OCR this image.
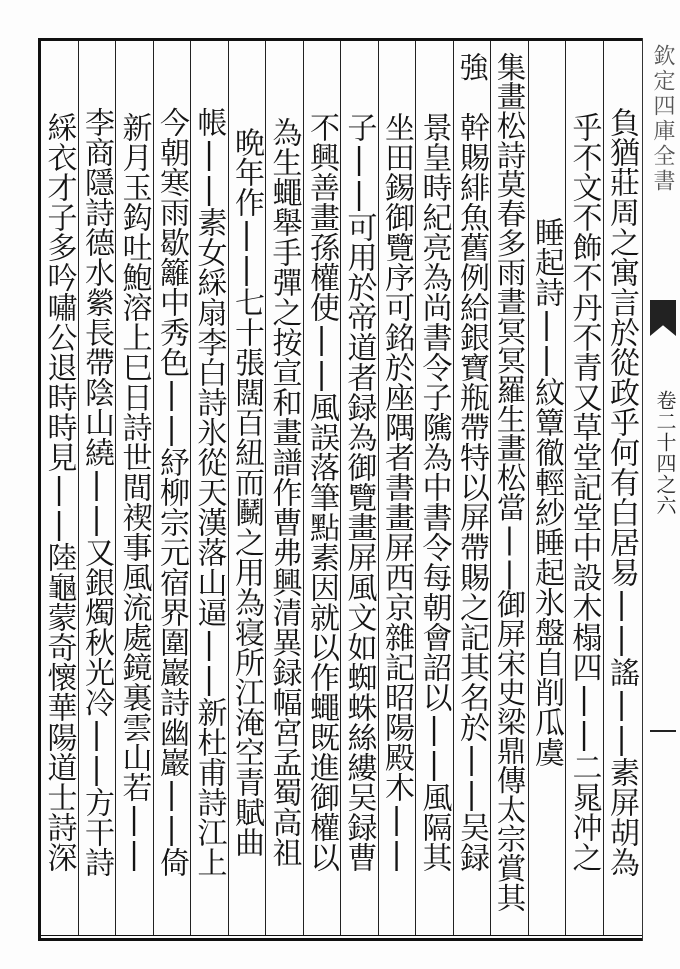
欽定四庫全書
卷二十四之六
負猶莊周之寓言於從政乎何有白居易||謠||素屏胡為
乎不文不飾不丹不青又草堂記堂中設木榻四||二晁冲之
睡起詩||紋簟徹輕紗睡起氷盤自削瓜虞
集畫松詩莫春多雨晝冥冥羅生畫松當||御屏宋史梁鼎傳太宗賞其強
幹賜緋魚舊例給銀寶瓶帶特以屏帶賜之記其名於||吴録
景皇時紀亮為尚書令子隲為中書令每朝會詔以||風隔其
坐田錫御覽序可銘於座隅者書畫屏西京雜記昭陽殿木||
子||可用於帝道者録為御覽畫屏風文如蜘蛛絲縷吴録曹
不興善畫孫權使||風誤落筆點素因就以作蠅既進御權以
為生蠅舉手彈之按宣和畫譜作曹弗興清異録幅宮孟蜀高祖
晩年作||七十張闊百紐而鬭之用為寝所江淹空青賦曲
帳||素女綵扇李白詩氷從天漢落山逼||新杜甫詩江上
今朝寒雨歇籬中秀色||紓柳宗元宿界圍巖詩幽巖||倚
新月玉鈎吐鮑溶上巳日詩世間禊事風流處鏡裏雲山若||
李商隱詩德水縈長帶陰山繞||又銀燭秋光冷||方干詩
綵衣才子多吟嘯公退時時見||陸龜蒙奇懷華陽道士詩深
